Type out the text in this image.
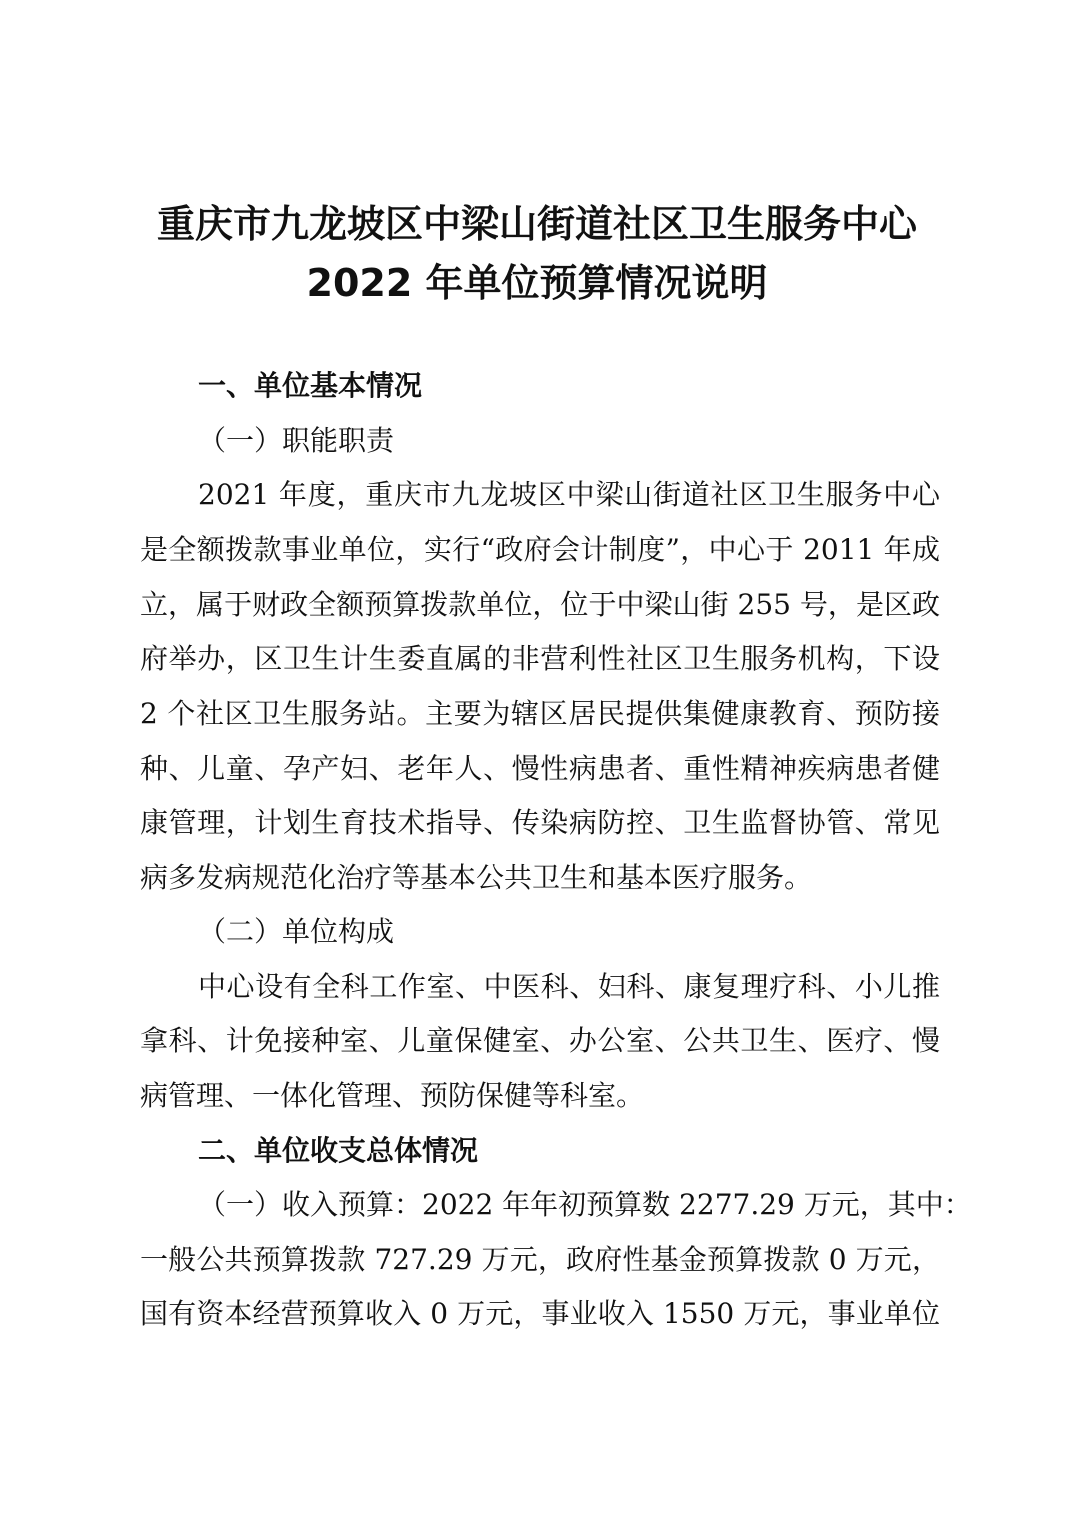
重庆市九龙坡区中梁山街道社区卫生服务中心
2022 年单位预算情况说明

一、单位基本情况

（一）职能职责

2021 年度，重庆市九龙坡区中梁山街道社区卫生服务中心

是全额拨款事业单位，实行“政府会计制度”，中心于 2011 年成

立，属于财政全额预算拨款单位，位于中梁山街 255 号，是区政

府举办，区卫生计生委直属的非营利性社区卫生服务机构，下设

2 个社区卫生服务站。主要为辖区居民提供集健康教育、预防接

种、儿童、孕产妇、老年人、慢性病患者、重性精神疾病患者健

康管理，计划生育技术指导、传染病防控、卫生监督协管、常见

病多发病规范化治疗等基本公共卫生和基本医疗服务。

（二）单位构成

中心设有全科工作室、中医科、妇科、康复理疗科、小儿推

拿科、计免接种室、儿童保健室、办公室、公共卫生、医疗、慢

病管理、一体化管理、预防保健等科室。

二、单位收支总体情况

（一）收入预算：2022 年年初预算数 2277.29 万元，其中：

一般公共预算拨款 727.29 万元，政府性基金预算拨款 0 万元，

国有资本经营预算收入 0 万元，事业收入 1550 万元，事业单位
